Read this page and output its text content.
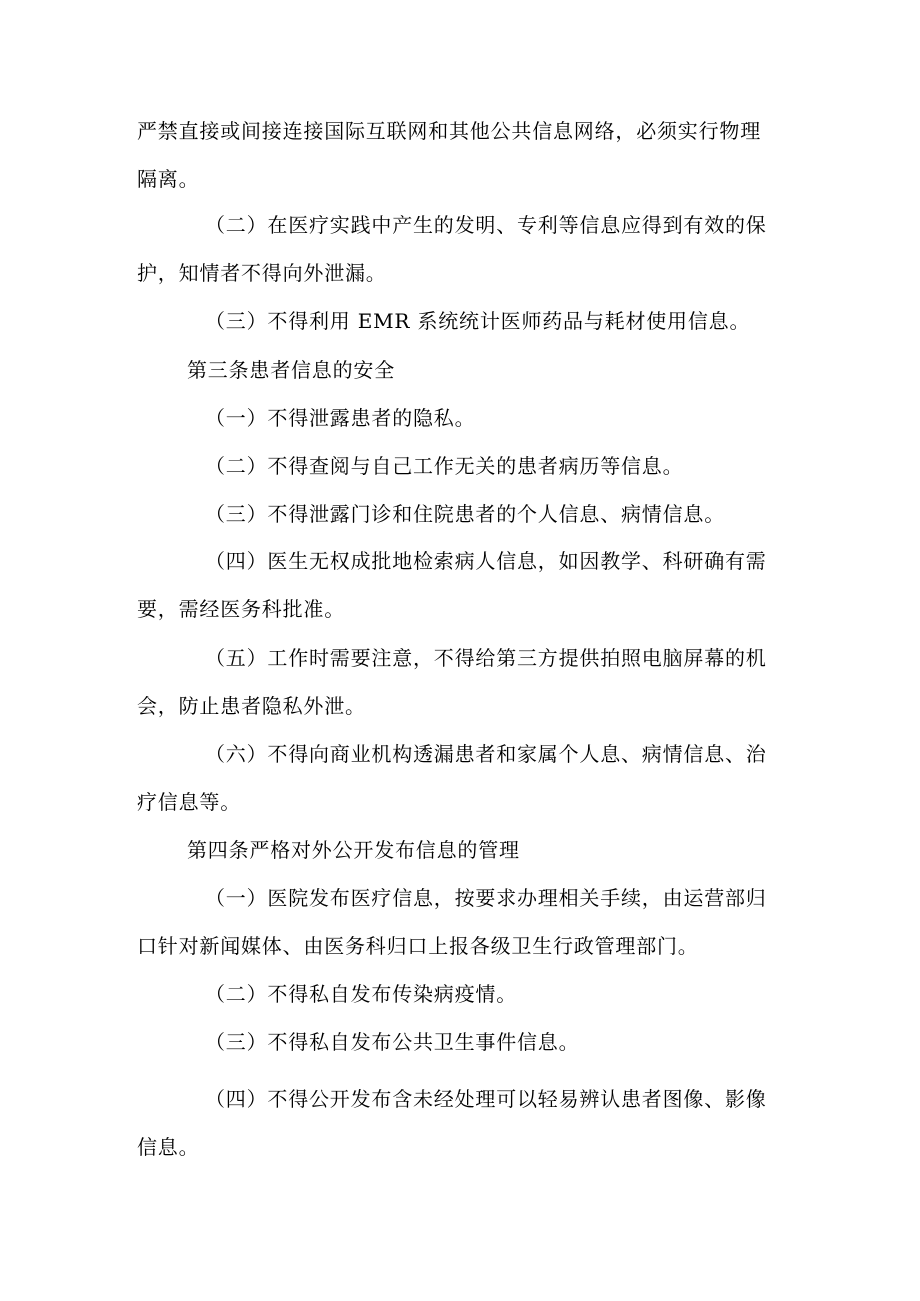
严禁直接或间接连接国际互联网和其他公共信息网络，必须实行物理
隔离。

（二）在医疗实践中产生的发明、专利等信息应得到有效的保
护，知情者不得向外泄漏。

（三）不得利用 EMR 系统统计医师药品与耗材使用信息。

第三条患者信息的安全

（一）不得泄露患者的隐私。

（二）不得查阅与自己工作无关的患者病历等信息。

（三）不得泄露门诊和住院患者的个人信息、病情信息。

（四）医生无权成批地检索病人信息，如因教学、科研确有需
要，需经医务科批准。

（五）工作时需要注意，不得给第三方提供拍照电脑屏幕的机
会，防止患者隐私外泄。

（六）不得向商业机构透漏患者和家属个人息、病情信息、治
疗信息等。

第四条严格对外公开发布信息的管理

（一）医院发布医疗信息，按要求办理相关手续，由运营部归
口针对新闻媒体、由医务科归口上报各级卫生行政管理部门。

（二）不得私自发布传染病疫情。

（三）不得私自发布公共卫生事件信息。

（四）不得公开发布含未经处理可以轻易辨认患者图像、影像
信息。
